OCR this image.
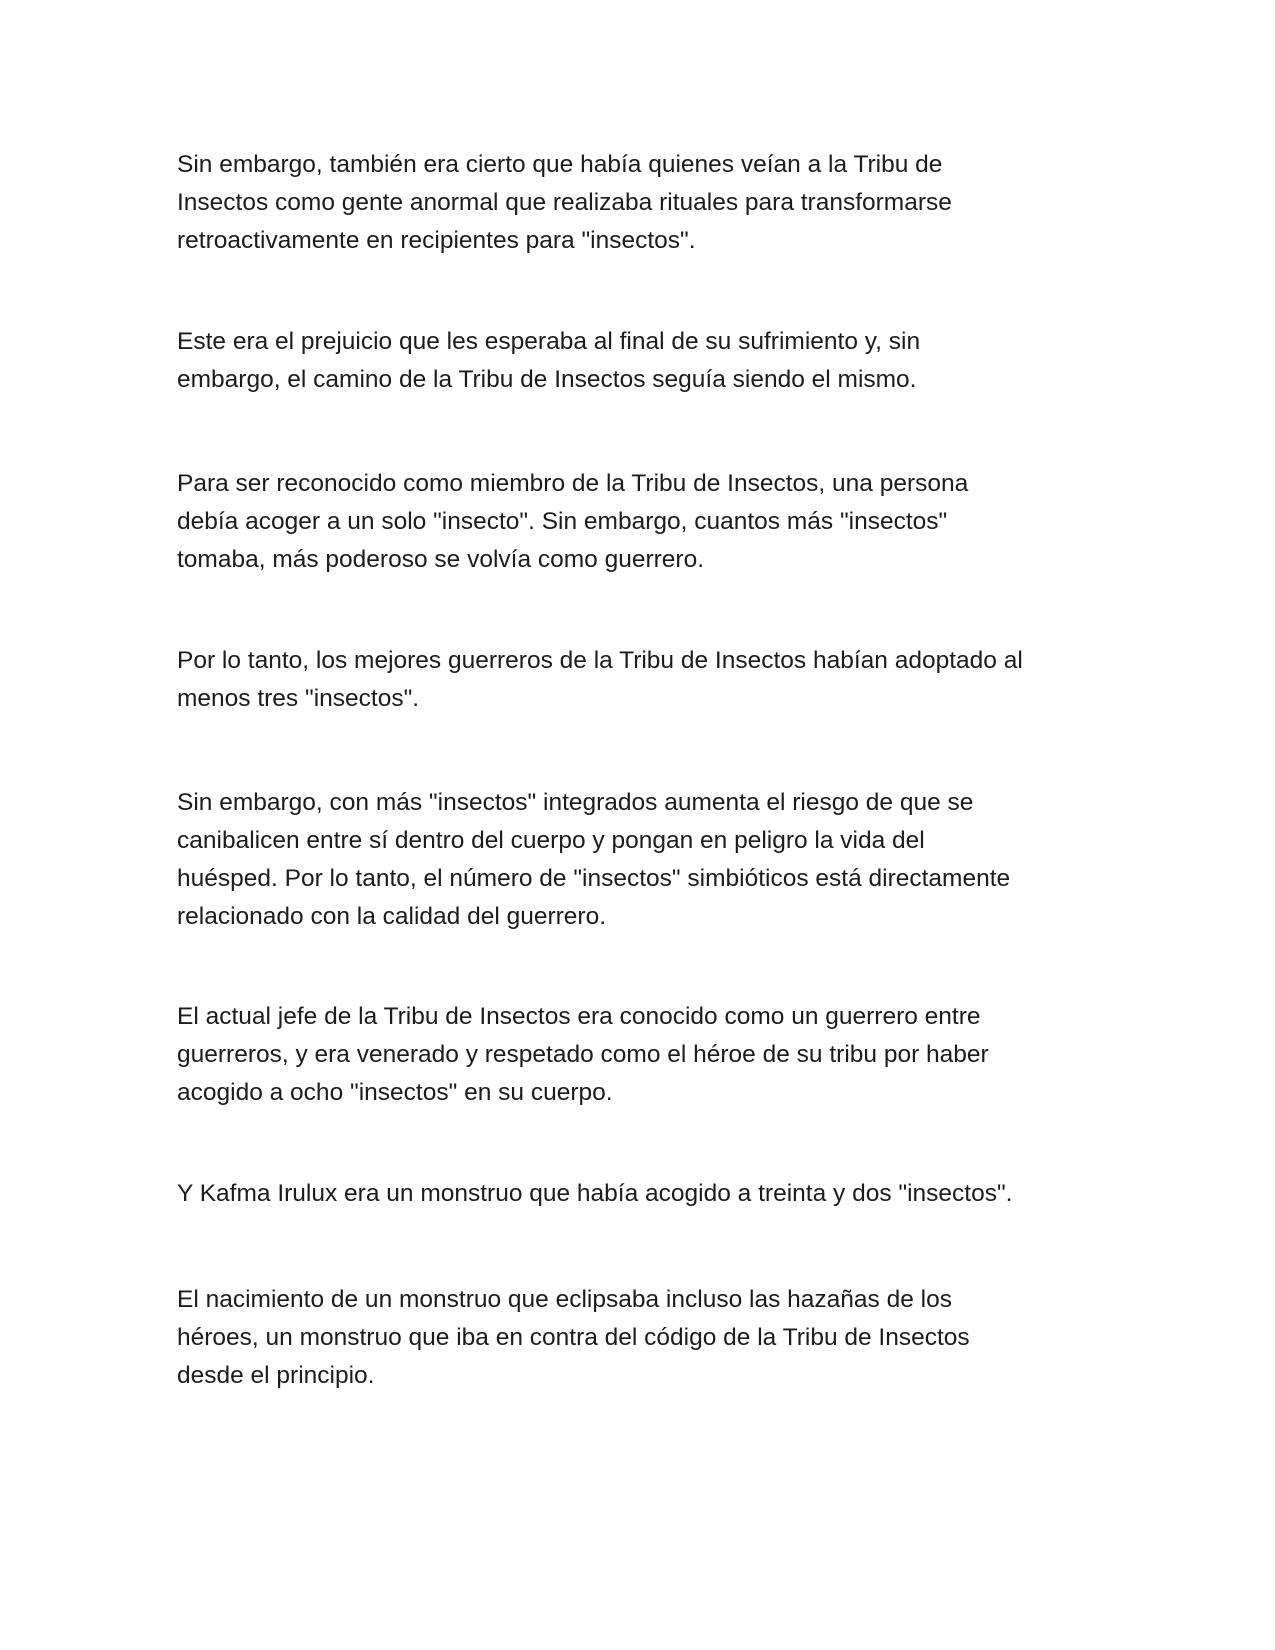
Sin embargo, también era cierto que había quienes veían a la Tribu de
Insectos como gente anormal que realizaba rituales para transformarse
retroactivamente en recipientes para "insectos".

Este era el prejuicio que les esperaba al final de su sufrimiento y, sin
embargo, el camino de la Tribu de Insectos seguía siendo el mismo.

Para ser reconocido como miembro de la Tribu de Insectos, una persona
debía acoger a un solo "insecto". Sin embargo, cuantos más "insectos"
tomaba, más poderoso se volvía como guerrero.

Por lo tanto, los mejores guerreros de la Tribu de Insectos habían adoptado al
menos tres "insectos".

Sin embargo, con más "insectos" integrados aumenta el riesgo de que se
canibalicen entre sí dentro del cuerpo y pongan en peligro la vida del
huésped. Por lo tanto, el número de "insectos" simbióticos está directamente
relacionado con la calidad del guerrero.

El actual jefe de la Tribu de Insectos era conocido como un guerrero entre
guerreros, y era venerado y respetado como el héroe de su tribu por haber
acogido a ocho "insectos" en su cuerpo.

Y Kafma Irulux era un monstruo que había acogido a treinta y dos "insectos".

El nacimiento de un monstruo que eclipsaba incluso las hazañas de los
héroes, un monstruo que iba en contra del código de la Tribu de Insectos
desde el principio.
